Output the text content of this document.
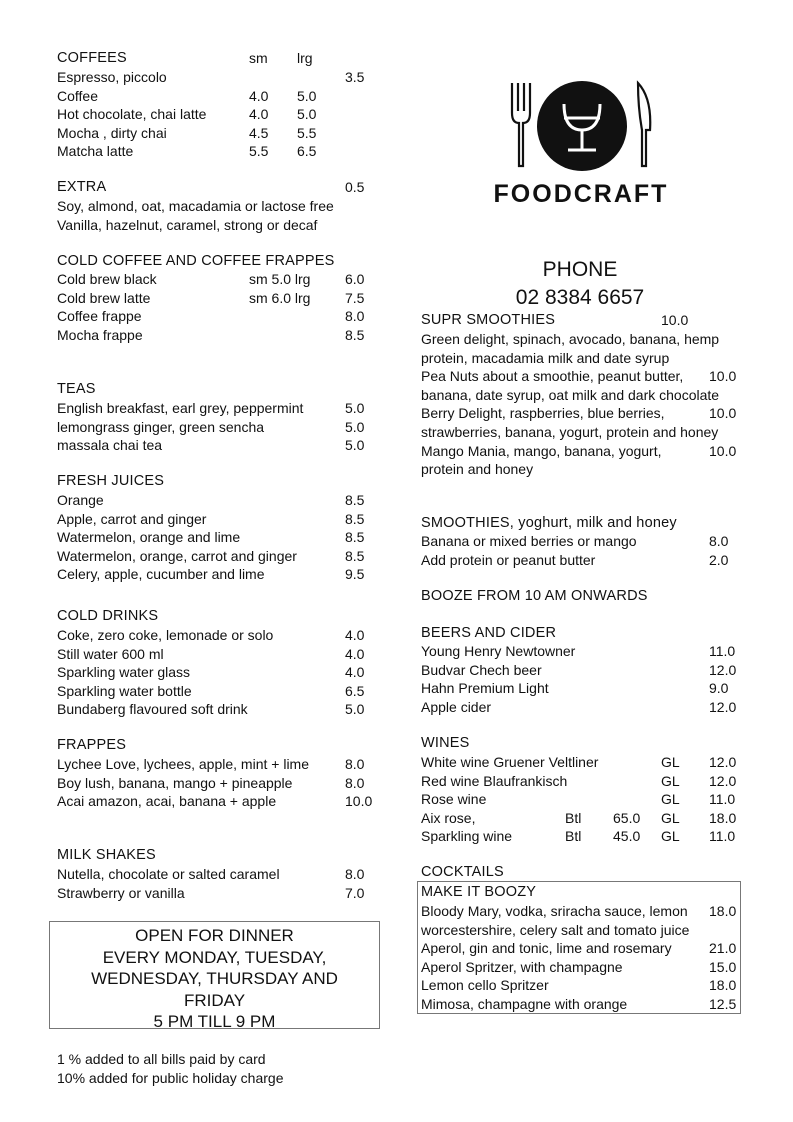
COFFEES	sm lrg
Espresso, piccolo	3.5
Coffee	4.0 5.0
Hot chocolate, chai latte	4.0 5.0
Mocha , dirty chai	4.5 5.5
Matcha latte	5.5 6.5
EXTRA	0.5
Soy, almond, oat, macadamia or lactose free
Vanilla, hazelnut, caramel, strong or decaf
COLD COFFEE AND COFFEE FRAPPES
Cold brew black	sm 5.0 lrg 6.0
Cold brew latte	sm 6.0 lrg 7.5
Coffee frappe	8.0
Mocha frappe	8.5
TEAS
English breakfast, earl grey, peppermint	5.0
lemongrass ginger, green sencha	5.0
massala chai tea	5.0
FRESH JUICES
Orange	8.5
Apple, carrot and ginger	8.5
Watermelon, orange and lime	8.5
Watermelon, orange, carrot and ginger	8.5
Celery, apple, cucumber and lime	9.5
COLD DRINKS
Coke, zero coke, lemonade or solo	4.0
Still water 600 ml	4.0
Sparkling water glass	4.0
Sparkling water bottle	6.5
Bundaberg flavoured soft drink	5.0
FRAPPES
Lychee Love, lychees, apple, mint + lime	8.0
Boy lush, banana, mango + pineapple	8.0
Acai amazon, acai, banana + apple	10.0
MILK SHAKES
Nutella, chocolate or salted caramel	8.0
Strawberry or vanilla	7.0
OPEN FOR DINNER
EVERY MONDAY, TUESDAY,
WEDNESDAY, THURSDAY AND
FRIDAY
5 PM TILL 9 PM
1 % added to all bills paid by card
10% added for public holiday charge
FOODCRAFT
PHONE
02 8384 6657
SUPR SMOOTHIES	10.0
Green delight, spinach, avocado, banana, hemp
protein, macadamia milk and date syrup
Pea Nuts about a smoothie, peanut butter, 10.0
banana, date syrup, oat milk and dark chocolate
Berry Delight, raspberries, blue berries,	10.0
strawberries, banana, yogurt, protein and honey
Mango Mania, mango, banana, yogurt,	10.0
protein and honey
SMOOTHIES, yoghurt, milk and honey
Banana or mixed berries or mango	8.0
Add protein or peanut butter	2.0
BOOZE FROM 10 AM ONWARDS
BEERS AND CIDER
Young Henry Newtowner	11.0
Budvar Chech beer	12.0
Hahn Premium Light	9.0
Apple cider	12.0
WINES
White wine Gruener Veltliner	GL 12.0
Red wine Blaufrankisch	GL 12.0
Rose wine	GL 11.0
Aix rose,	Btl 65.0 GL 18.0
Sparkling wine	Btl 45.0 GL 11.0
COCKTAILS
MAKE IT BOOZY
Bloody Mary, vodka, sriracha sauce, lemon 18.0
worcestershire, celery salt and tomato juice
Aperol, gin and tonic, lime and rosemary	21.0
Aperol Spritzer, with champagne	15.0
Lemon cello Spritzer	18.0
Mimosa, champagne with orange	12.5
